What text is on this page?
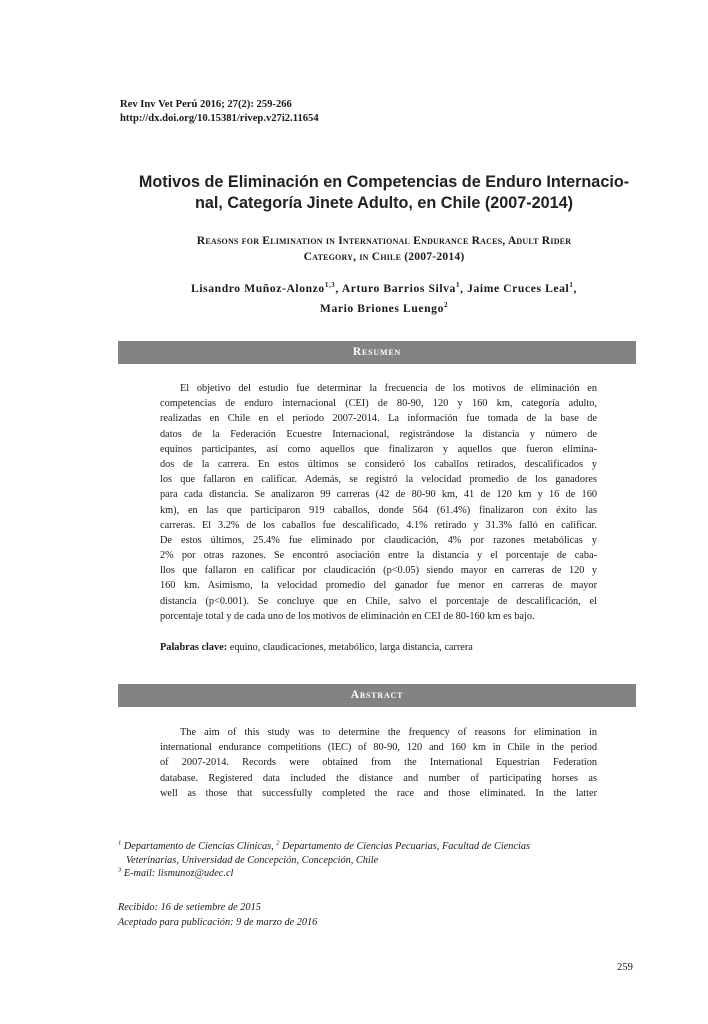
Rev Inv Vet Perú 2016; 27(2): 259-266
http://dx.doi.org/10.15381/rivep.v27i2.11654
Motivos de Eliminación en Competencias de Enduro Internacio-
nal, Categoría Jinete Adulto, en Chile (2007-2014)
Reasons for Elimination in International Endurance Races, Adult Rider
Category, in Chile (2007-2014)
Lisandro Muñoz-Alonzo$^{1,3}$, Arturo Barrios Silva$^1$, Jaime Cruces Leal$^1$,
Mario Briones Luengo$^2$
Resumen
El objetivo del estudio fue determinar la frecuencia de los motivos de eliminación en
competencias de enduro internacional (CEI) de 80-90, 120 y 160 km, categoría adulto,
realizadas en Chile en el periodo 2007-2014. La información fue tomada de la base de
datos de la Federación Ecuestre Internacional, registrándose la distancia y número de
equinos participantes, así como aquellos que finalizaron y aquellos que fueron elimina-
dos de la carrera. En estos últimos se consideró los caballos retirados, descalificados y
los que fallaron en calificar. Además, se registró la velocidad promedio de los ganadores
para cada distancia. Se analizaron 99 carreras (42 de 80-90 km, 41 de 120 km y 16 de 160
km), en las que participaron 919 caballos, donde 564 (61.4%) finalizaron con éxito las
carreras. El 3.2% de los caballos fue descalificado, 4.1% retirado y 31.3% falló en calificar.
De estos últimos, 25.4% fue eliminado por claudicación, 4% por razones metabólicas y
2% por otras razones. Se encontró asociación entre la distancia y el porcentaje de caba-
llos que fallaron en calificar por claudicación (p<0.05) siendo mayor en carreras de 120 y
160 km. Asimismo, la velocidad promedio del ganador fue menor en carreras de mayor
distancia (p<0.001). Se concluye que en Chile, salvo el porcentaje de descalificación, el
porcentaje total y de cada uno de los motivos de eliminación en CEI de 80-160 km es bajo.
Palabras clave: equino, claudicaciones, metabólico, larga distancia, carrera
Abstract
The aim of this study was to determine the frequency of reasons for elimination in
international endurance competitions (IEC) of 80-90, 120 and 160 km in Chile in the period
of 2007-2014. Records were obtained from the International Equestrian Federation
database. Registered data included the distance and number of participating horses as
well as those that successfully completed the race and those eliminated. In the latter
$^1$ Departamento de Ciencias Clínicas, $^2$ Departamento de Ciencias Pecuarias, Facultad de Ciencias
Veterinarias, Universidad de Concepción, Concepción, Chile
$^3$ E-mail: lismunoz@udec.cl
Recibido: 16 de setiembre de 2015
Aceptado para publicación: 9 de marzo de 2016
259
